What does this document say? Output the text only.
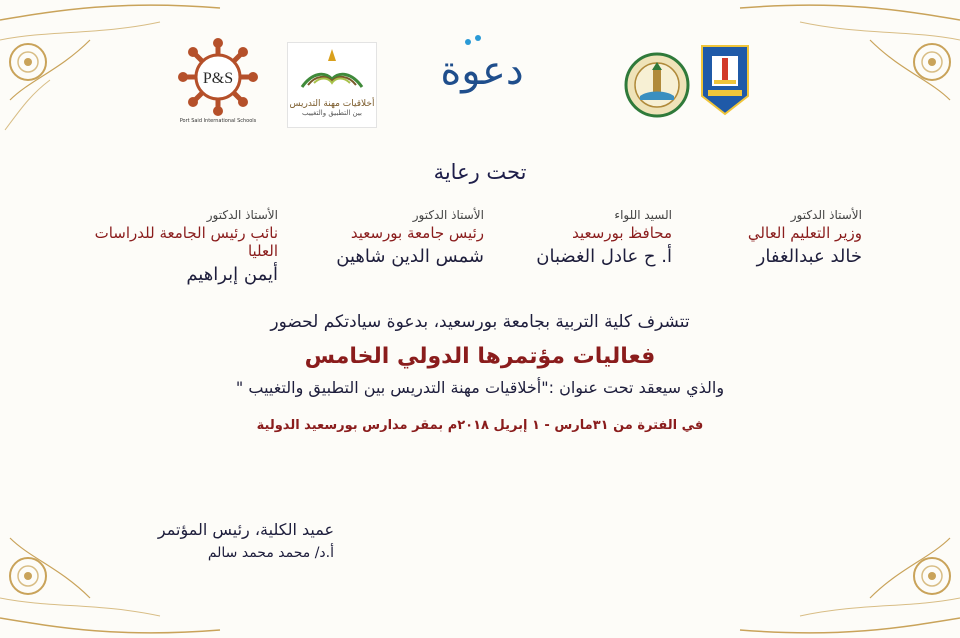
P&S
Port Said International Schools
أخلاقيات مهنة التدريس
بين التطبيق والتغييب
دعوة
تحت رعاية
الأستاذ الدكتور
وزير التعليم العالي
خالد عبدالغفار
السيد اللواء
محافظ بورسعيد
أ. ح عادل الغضبان
الأستاذ الدكتور
رئيس جامعة بورسعيد
شمس الدين شاهين
الأستاذ الدكتور
نائب رئيس الجامعة للدراسات العليا
أيمن إبراهيم
تتشرف كلية التربية بجامعة بورسعيد، بدعوة سيادتكم لحضور
فعاليات مؤتمرها الدولي الخامس
والذي سيعقد تحت عنوان :"أخلاقيات مهنة التدريس بين التطبيق والتغييب "
في الفترة من ٣١مارس - ١ إبريل ٢٠١٨م بمقر مدارس بورسعيد الدولية
عميد الكلية، رئيس المؤتمر
أ.د/ محمد محمد سالم
